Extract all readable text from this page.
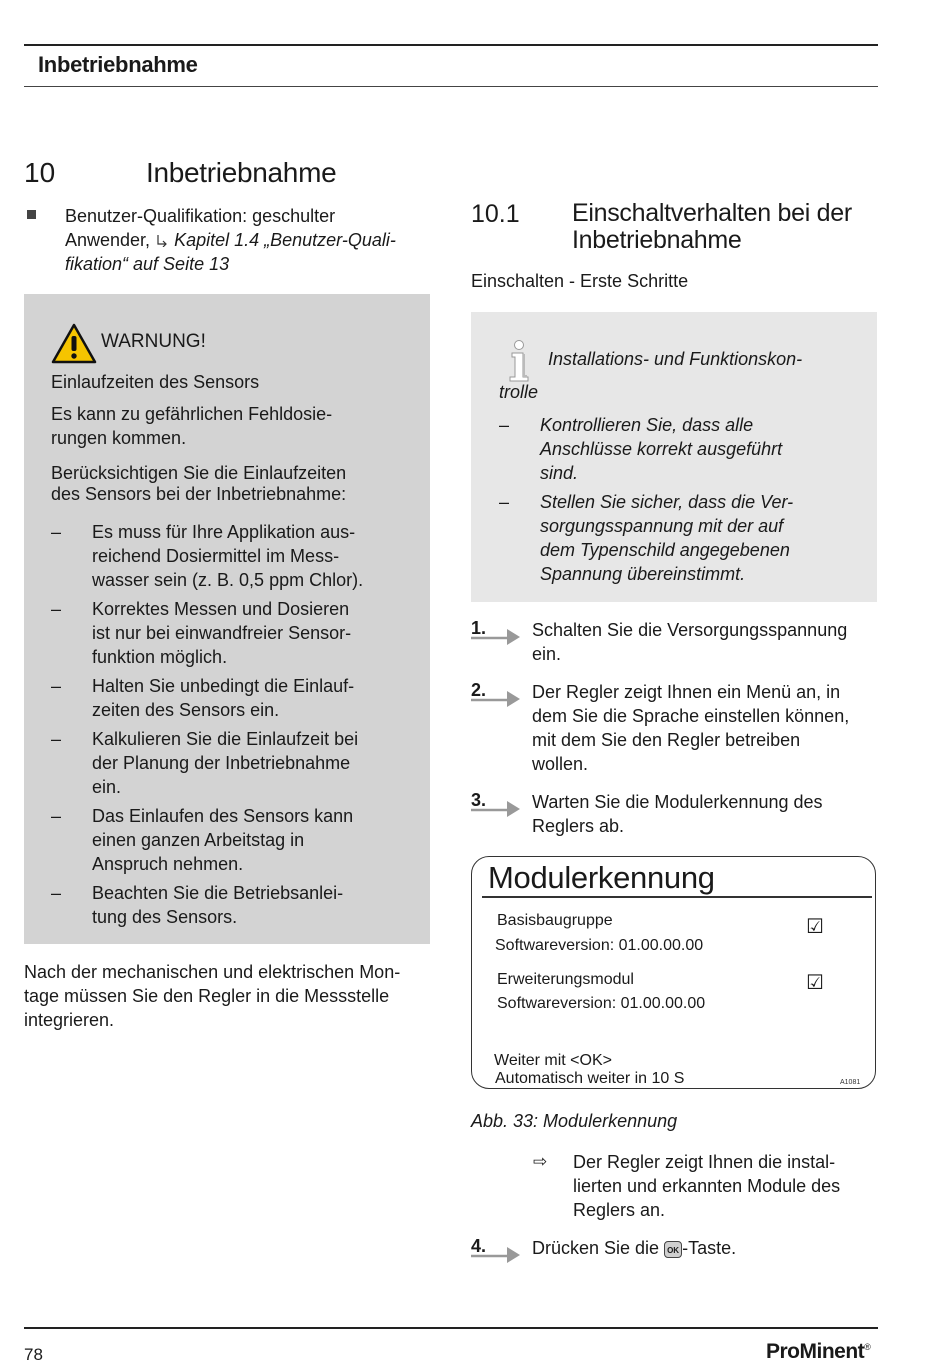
Inbetriebnahme
10	Inbetriebnahme
Benutzer-Qualifikation: geschulter
Anwender,  Kapitel 1.4 „Benutzer-Quali-
fikation“ auf Seite 13
WARNUNG!
Einlaufzeiten des Sensors
Es kann zu gefährlichen Fehldosie-
rungen kommen.
Berücksichtigen Sie die Einlaufzeiten
des Sensors bei der Inbetriebnahme:
– Es muss für Ihre Applikation aus-
reichend Dosiermittel im Mess-
wasser sein (z. B. 0,5 ppm Chlor).
– Korrektes Messen und Dosieren
ist nur bei einwandfreier Sensor-
funktion möglich.
– Halten Sie unbedingt die Einlauf-
zeiten des Sensors ein.
– Kalkulieren Sie die Einlaufzeit bei
der Planung der Inbetriebnahme
ein.
– Das Einlaufen des Sensors kann
einen ganzen Arbeitstag in
Anspruch nehmen.
– Beachten Sie die Betriebsanlei-
tung des Sensors.
Nach der mechanischen und elektrischen Mon-
tage müssen Sie den Regler in die Messstelle
integrieren.
10.1 Einschaltverhalten bei der
Inbetriebnahme
Einschalten - Erste Schritte
Installations- und Funktionskon-
trolle
– Kontrollieren Sie, dass alle
Anschlüsse korrekt ausgeführt
sind.
– Stellen Sie sicher, dass die Ver-
sorgungsspannung mit der auf
dem Typenschild angegebenen
Spannung übereinstimmt.
1.	Schalten Sie die Versorgungsspannung
ein.
2.	Der Regler zeigt Ihnen ein Menü an, in
dem Sie die Sprache einstellen können,
mit dem Sie den Regler betreiben
wollen.
3.	Warten Sie die Modulerkennung des
Reglers ab.
Modulerkennung
Basisbaugruppe
Softwareversion: 01.00.00.00
☑
Erweiterungsmodul
Softwareversion: 01.00.00.00
☑
Weiter mit <OK>
Automatisch weiter in 10 S	A1081
Abb. 33: Modulerkennung
⇨ Der Regler zeigt Ihnen die instal-
lierten und erkannten Module des
Reglers an.
4.	Drücken Sie die OK -Taste.
78	ProMinent®
